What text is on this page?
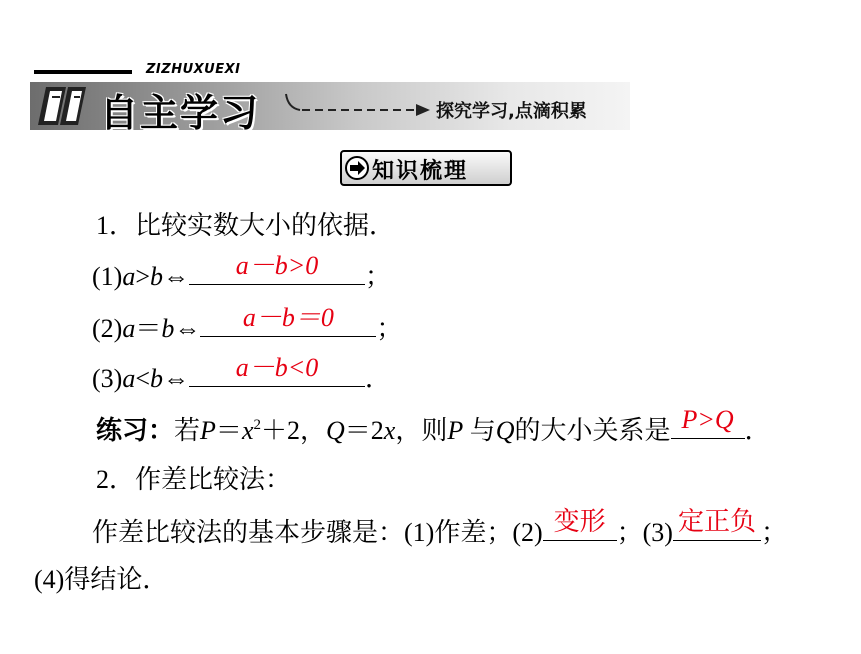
ZIZHUXUEXI
自主学习	探究学习,点滴积累
知识梳理
1．比较实数大小的依据．
(1)a>b⇔	a－b>0	；
(2)a＝b⇔	a－b＝0	；
(3)a<b⇔	a－b<0	．
练习：若$P=x^2+2$，Q＝2x，则P 与Q的大小关系是 P>Q ．
2．作差比较法：
作差比较法的基本步骤是：(1)作差；(2) 变形 ；(3) 定正负 ；
(4)得结论．
